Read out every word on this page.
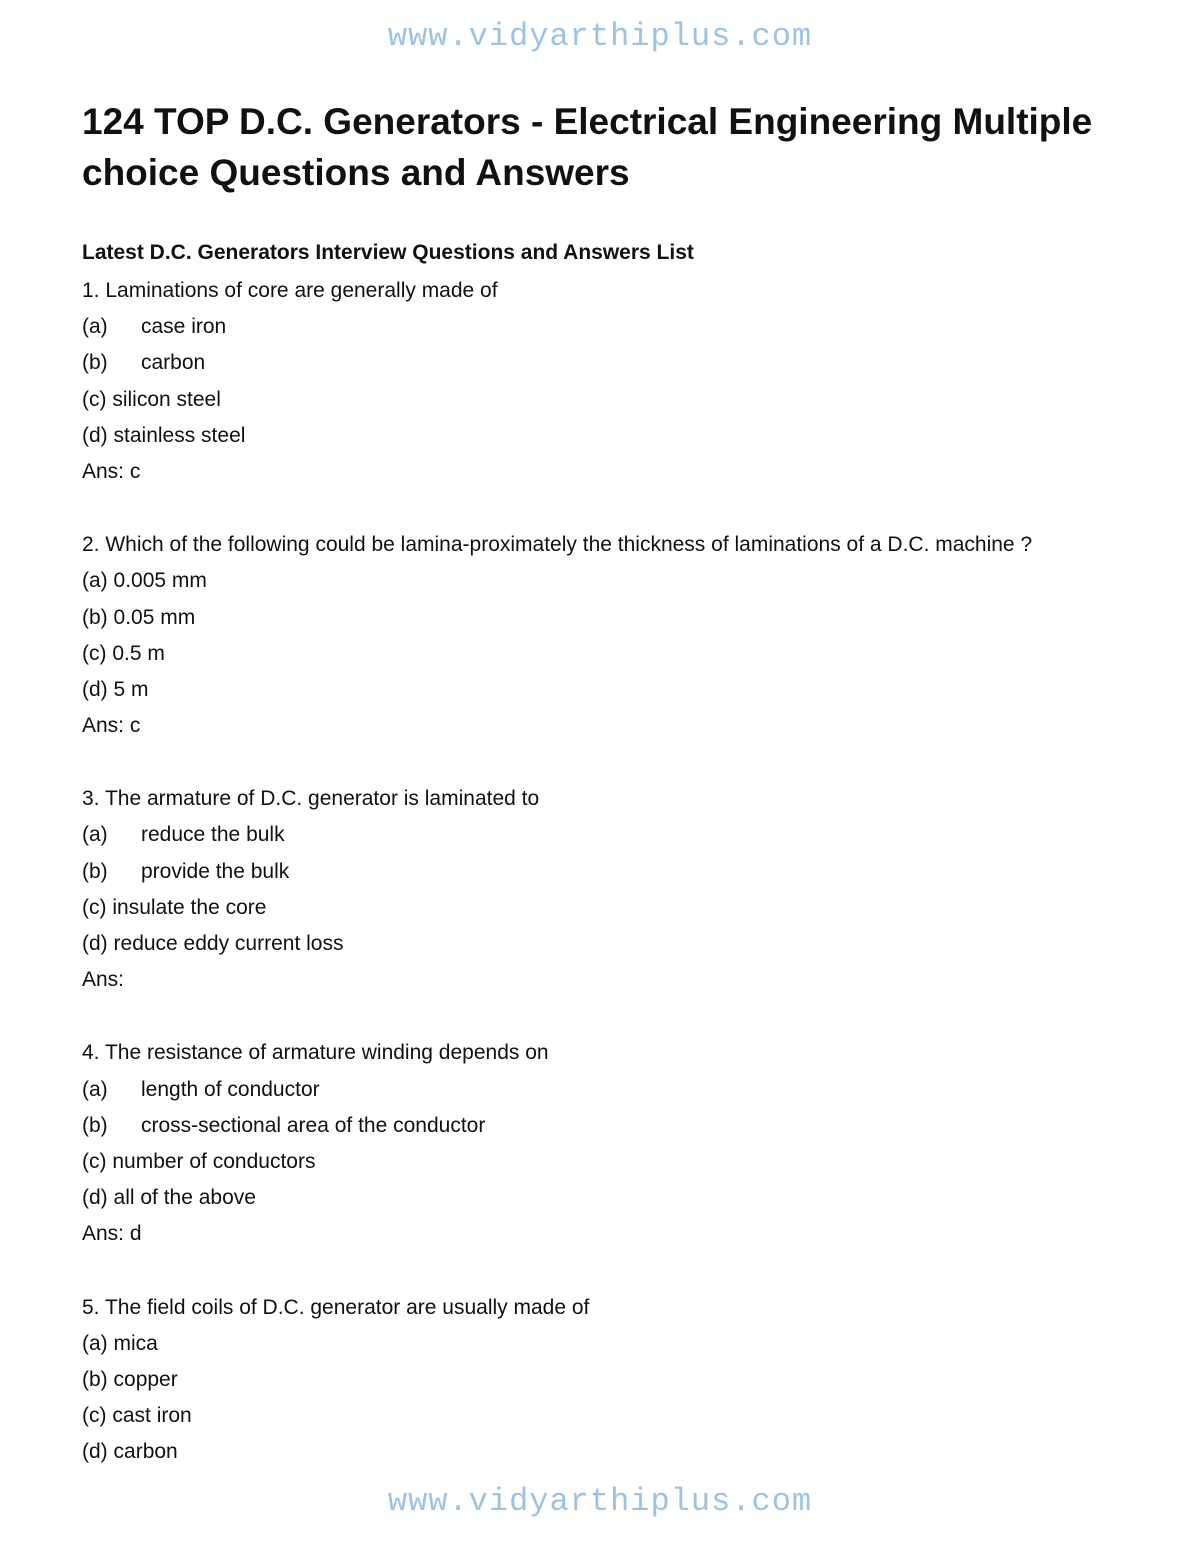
www.vidyarthiplus.com
124 TOP D.C. Generators - Electrical Engineering Multiple choice Questions and Answers
Latest D.C. Generators Interview Questions and Answers List
1. Laminations of core are generally made of
(a) case iron
(b) carbon
(c) silicon steel
(d) stainless steel
Ans: c
2. Which of the following could be lamina-proximately the thickness of laminations of a D.C. machine ?
(a) 0.005 mm
(b) 0.05 mm
(c) 0.5 m
(d) 5 m
Ans: c
3. The armature of D.C. generator is laminated to
(a) reduce the bulk
(b) provide the bulk
(c) insulate the core
(d) reduce eddy current loss
Ans:
4. The resistance of armature winding depends on
(a) length of conductor
(b) cross-sectional area of the conductor
(c) number of conductors
(d) all of the above
Ans: d
5. The field coils of D.C. generator are usually made of
(a) mica
(b) copper
(c) cast iron
(d) carbon
www.vidyarthiplus.com
